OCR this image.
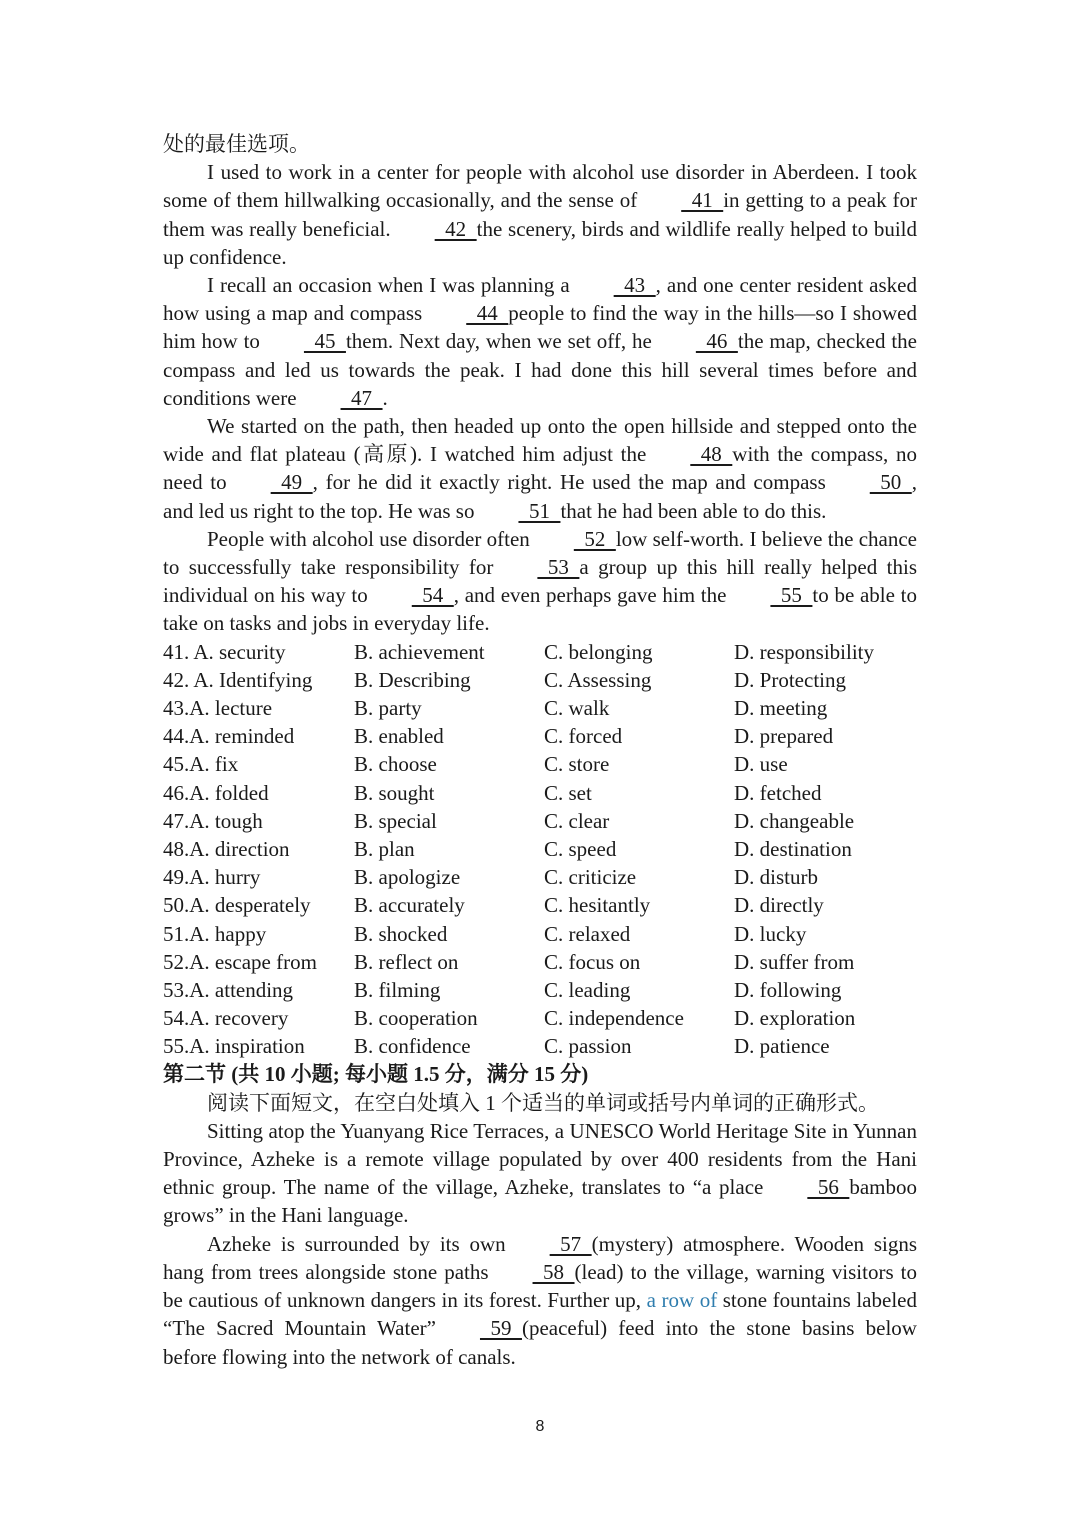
处的最佳选项。

I used to work in a center for people with alcohol use disorder in Aberdeen. I took some of them hillwalking occasionally, and the sense of  41  in getting to a peak for them was really beneficial.  42  the scenery, birds and wildlife really helped to build up confidence.

I recall an occasion when I was planning a  43  , and one center resident asked how using a map and compass  44  people to find the way in the hills—so I showed him how to  45  them. Next day, when we set off, he  46  the map, checked the compass and led us towards the peak. I had done this hill several times before and conditions were  47  .

We started on the path, then headed up onto the open hillside and stepped onto the wide and flat plateau (高原). I watched him adjust the  48  with the compass, no need to  49  , for he did it exactly right. He used the map and compass  50  , and led us right to the top. He was so  51  that he had been able to do this.

People with alcohol use disorder often  52  low self-worth. I believe the chance to successfully take responsibility for  53  a group up this hill really helped this individual on his way to  54  , and even perhaps gave him the  55  to be able to take on tasks and jobs in everyday life.

41. A. security	B. achievement	C. belonging	D. responsibility
42. A. Identifying	B. Describing	C. Assessing	D. Protecting
43.A. lecture	B. party	C. walk	D. meeting
44.A. reminded	B. enabled	C. forced	D. prepared
45.A. fix	B. choose	C. store	D. use
46.A. folded	B. sought	C. set	D. fetched
47.A. tough	B. special	C. clear	D. changeable
48.A. direction	B. plan	C. speed	D. destination
49.A. hurry	B. apologize	C. criticize	D. disturb
50.A. desperately	B. accurately	C. hesitantly	D. directly
51.A. happy	B. shocked	C. relaxed	D. lucky
52.A. escape from	B. reflect on	C. focus on	D. suffer from
53.A. attending	B. filming	C. leading	D. following
54.A. recovery	B. cooperation	C. independence	D. exploration
55.A. inspiration	B. confidence	C. passion	D. patience

第二节 (共 10 小题; 每小题 1.5 分，满分 15 分)

阅读下面短文，在空白处填入 1 个适当的单词或括号内单词的正确形式。

Sitting atop the Yuanyang Rice Terraces, a UNESCO World Heritage Site in Yunnan Province, Azheke is a remote village populated by over 400 residents from the Hani ethnic group. The name of the village, Azheke, translates to “a place  56  bamboo grows” in the Hani language.

Azheke is surrounded by its own  57  (mystery) atmosphere. Wooden signs hang from trees alongside stone paths  58  (lead) to the village, warning visitors to be cautious of unknown dangers in its forest. Further up, a row of stone fountains labeled “The Sacred Mountain Water”  59  (peaceful) feed into the stone basins below before flowing into the network of canals.

8
